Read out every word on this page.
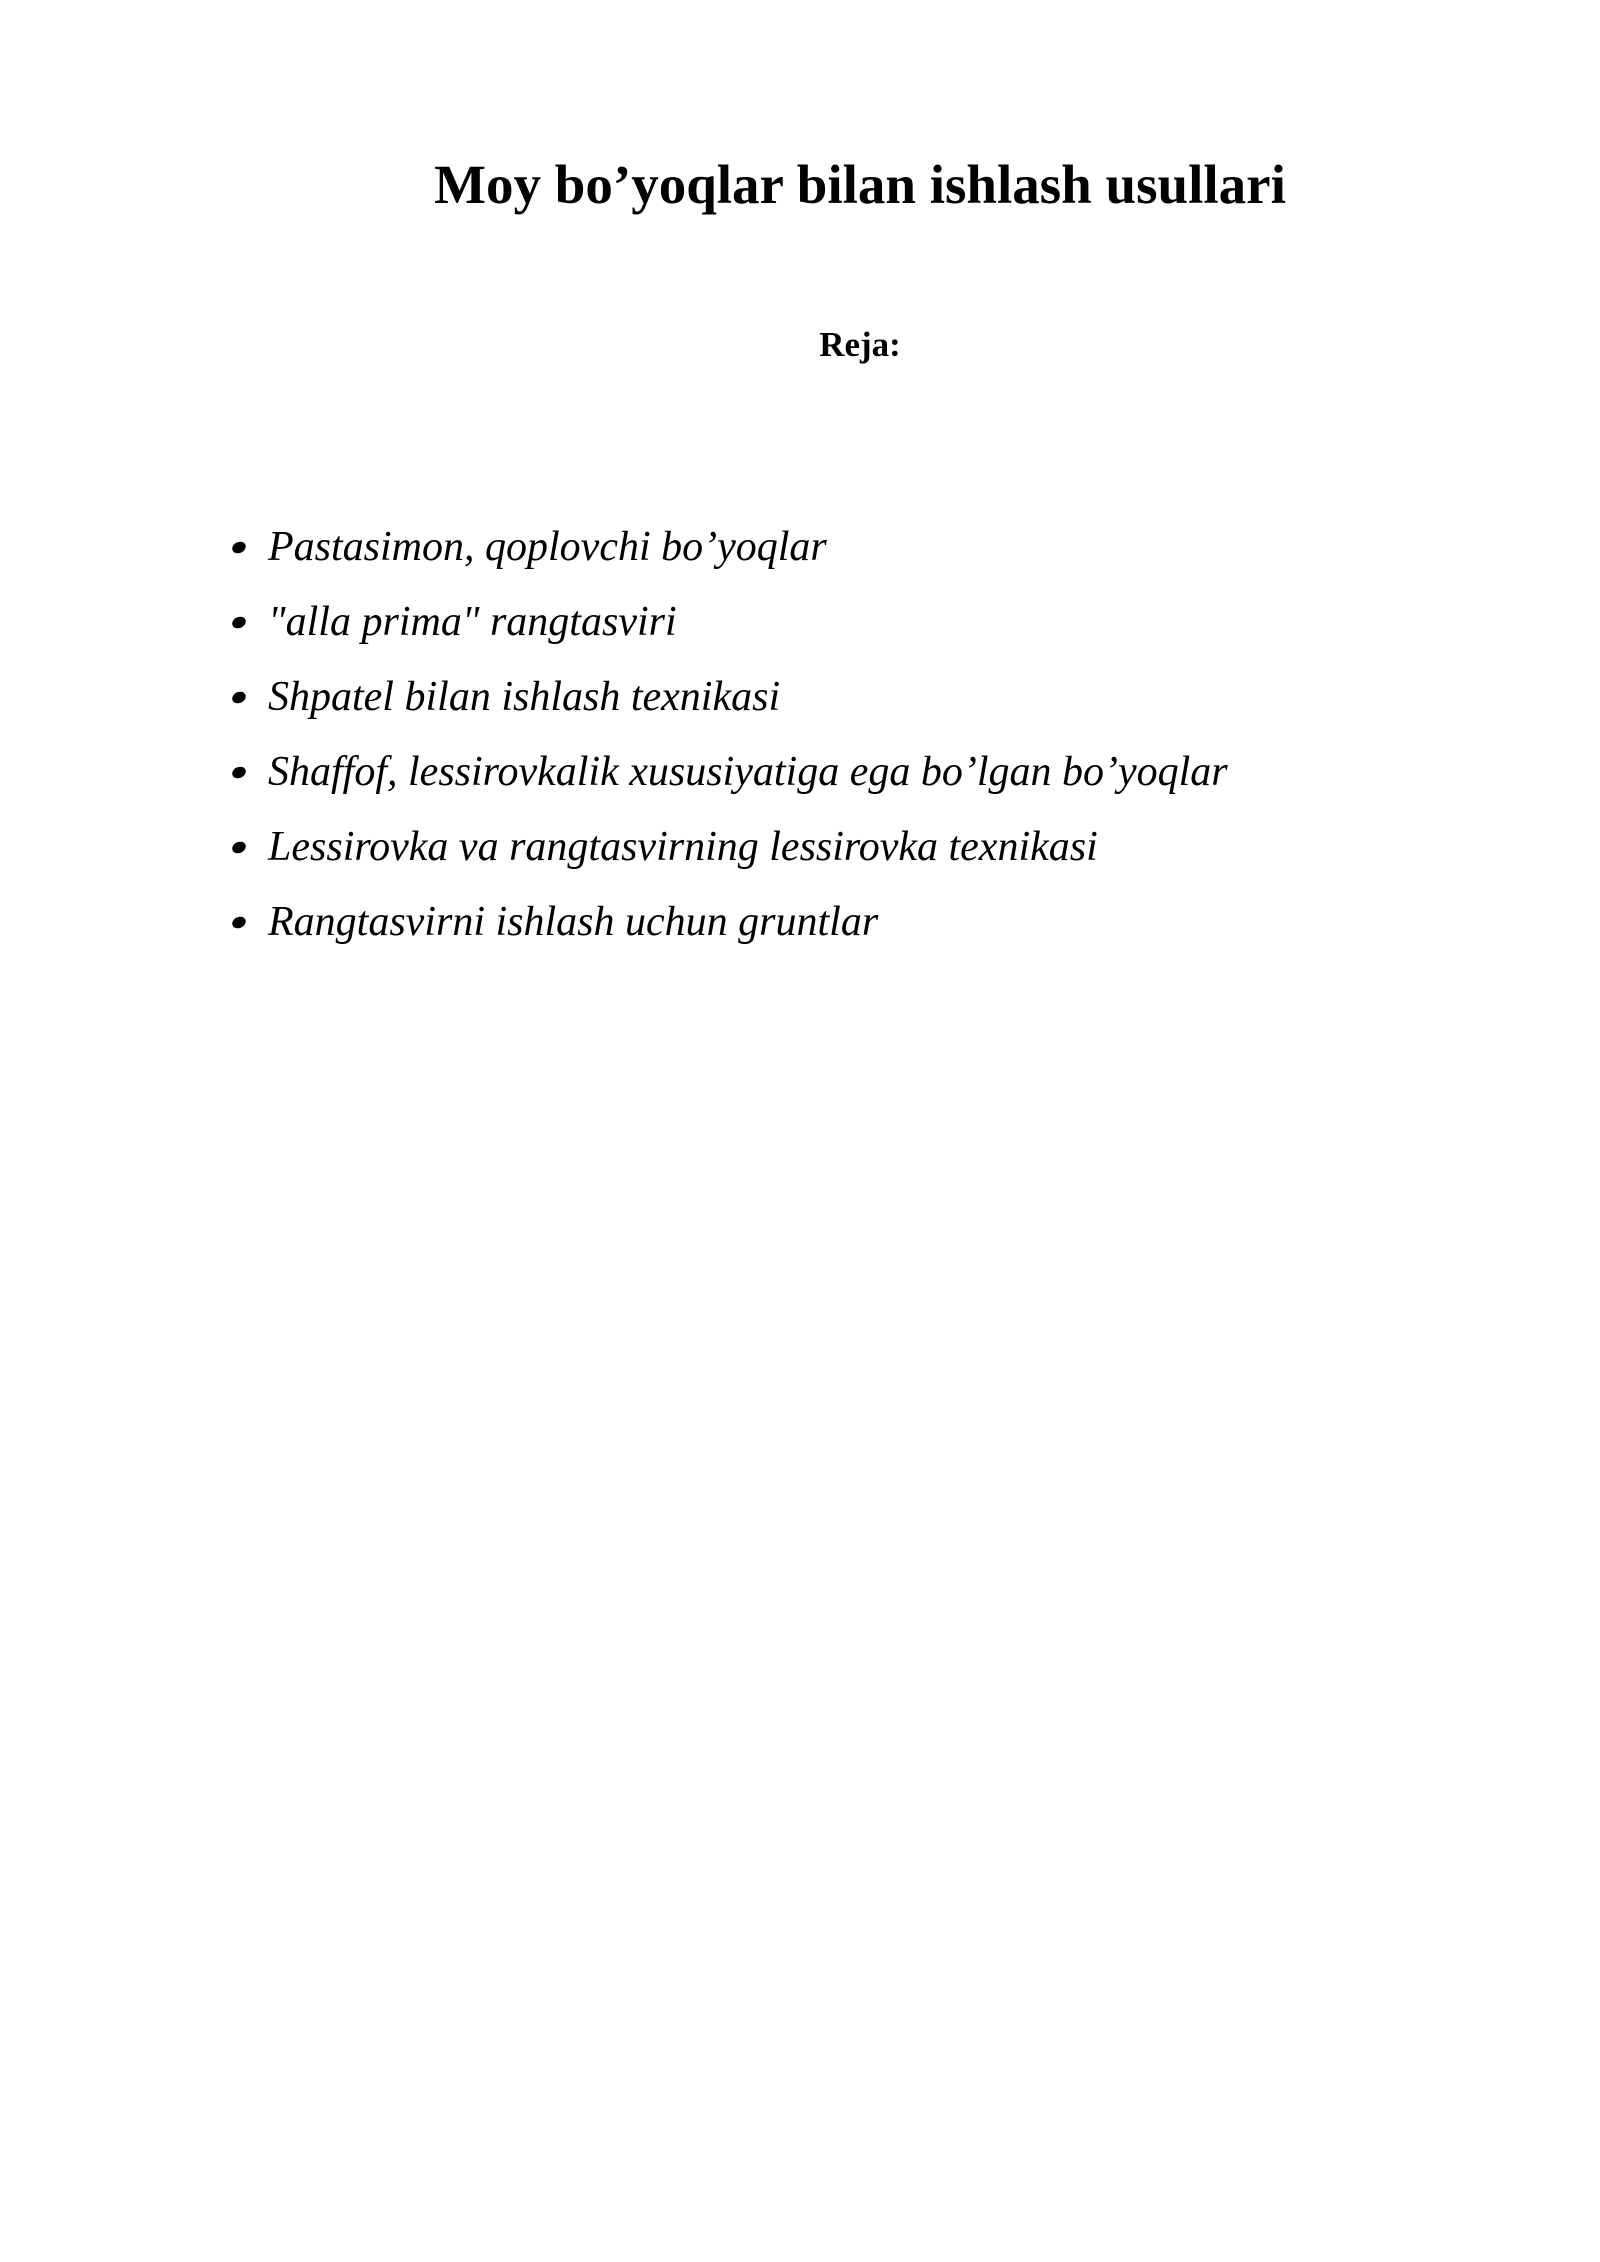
Moy bo’yoqlar bilan ishlash usullari
Reja:
Pastasimon, qoplovchi bo’yoqlar
"alla prima" rangtasviri
Shpatel bilan ishlash texnikasi
Shaffof, lessirovkalik xususiyatiga ega bo’lgan bo’yoqlar
Lessirovka va rangtasvirning lessirovka texnikasi
Rangtasvirni ishlash uchun gruntlar
